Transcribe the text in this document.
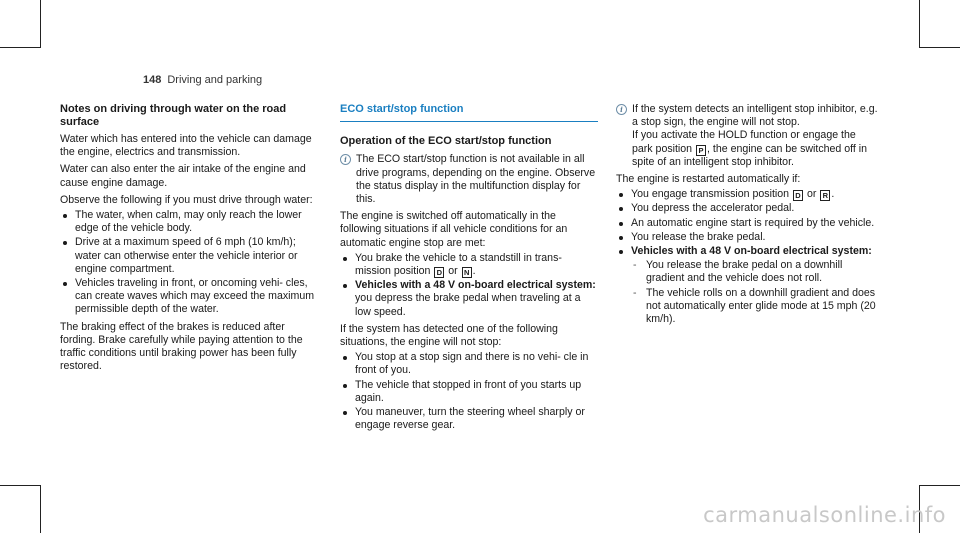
148 Driving and parking

Notes on driving through water on the road surface

Water which has entered into the vehicle can damage the engine, electrics and transmission.

Water can also enter the air intake of the engine and cause engine damage.

Observe the following if you must drive through water:

The water, when calm, may only reach the lower edge of the vehicle body.
Drive at a maximum speed of 6 mph (10 km/h); water can otherwise enter the vehicle interior or engine compartment.
Vehicles traveling in front, or oncoming vehi- cles, can create waves which may exceed the maximum permissible depth of the water.

The braking effect of the brakes is reduced after fording. Brake carefully while paying attention to the traffic conditions until braking power has been fully restored.

ECO start/stop function

Operation of the ECO start/stop function

i The ECO start/stop function is not available in all drive programs, depending on the engine. Observe the status display in the multifunction display for this.

The engine is switched off automatically in the following situations if all vehicle conditions for an automatic engine stop are met:

You brake the vehicle to a standstill in trans- mission position D or N .
Vehicles with a 48 V on-board electrical system: you depress the brake pedal when traveling at a low speed.

If the system has detected one of the following situations, the engine will not stop:

You stop at a stop sign and there is no vehi- cle in front of you.
The vehicle that stopped in front of you starts up again.
You maneuver, turn the steering wheel sharply or engage reverse gear.
i If the system detects an intelligent stop inhibitor, e.g. a stop sign, the engine will not stop.
If you activate the HOLD function or engage the park position P , the engine can be switched off in spite of an intelligent stop inhibitor.

The engine is restarted automatically if:

You engage transmission position D or R .
You depress the accelerator pedal.
An automatic engine start is required by the vehicle.
You release the brake pedal.
Vehicles with a 48 V on-board electrical system:
- You release the brake pedal on a downhill gradient and the vehicle does not roll.
- The vehicle rolls on a downhill gradient and does not automatically enter glide mode at 15 mph (20 km/h).
carmanualsonline.info
